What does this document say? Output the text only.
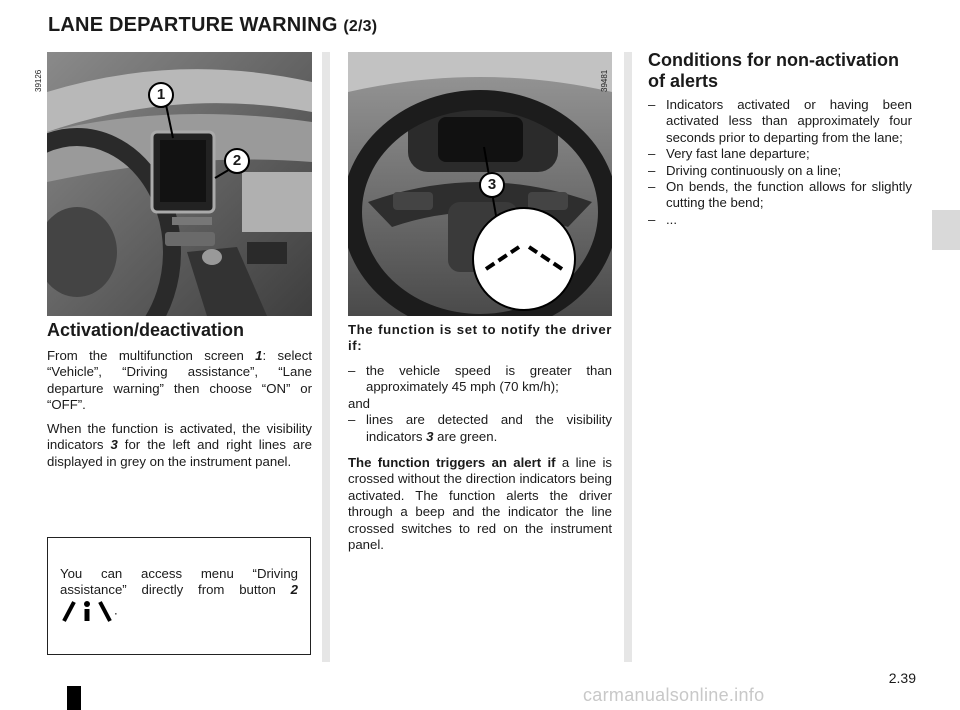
LANE DEPARTURE WARNING (2/3)
1
2
39126
3
39481
Activation/deactivation
From the multifunction screen 1: select “Vehicle”, “Driving assistance”, “Lane departure warning” then choose “ON” or “OFF”.
When the function is activated, the visibility indicators 3 for the left and right lines are displayed in grey on the instrument panel.
You can access menu “Driving assistance” directly from button 2 .
The function is set to notify the driver if:
– the vehicle speed is greater than approximately 45 mph (70 km/h);
and
– lines are detected and the visibility indicators 3 are green.
The function triggers an alert if a line is crossed without the direction indicators being activated. The function alerts the driver through a beep and the indicator the line crossed switches to red on the instrument panel.
Conditions for non-activation
of alerts
– Indicators activated or having been activated less than approximately four seconds prior to departing from the lane;
– Very fast lane departure;
– Driving continuously on a line;
– On bends, the function allows for slightly cutting the bend;
– ...
2.39
carmanualsonline.info
